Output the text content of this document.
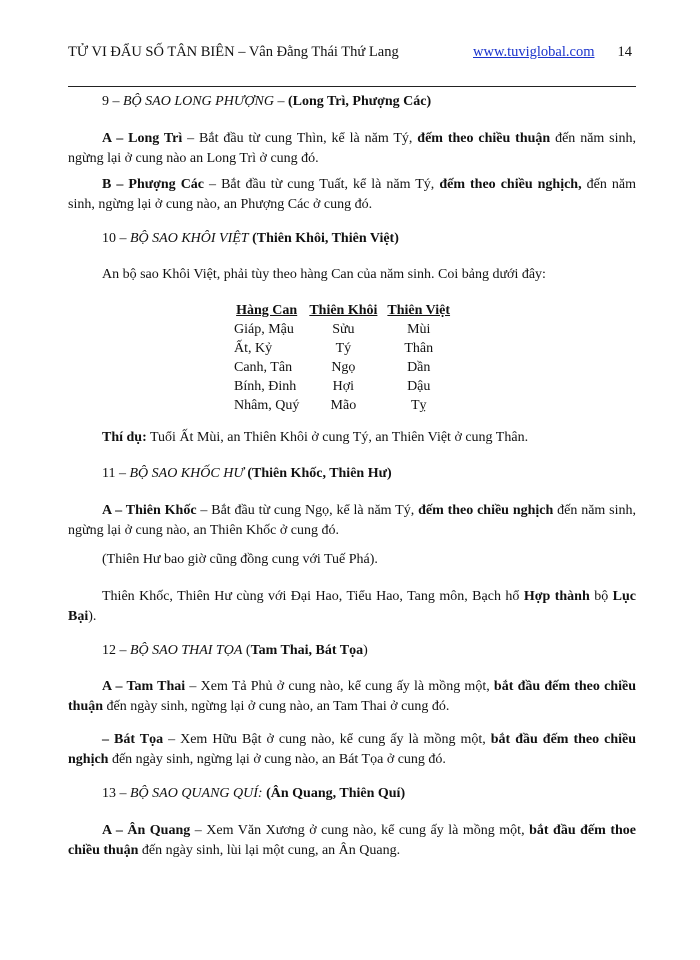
TỬ VI ĐẨU SỐ TÂN BIÊN – Vân Đằng Thái Thứ Lang	www.tuviglobal.com 14

9 – BỘ SAO LONG PHƯỢNG – (Long Trì, Phượng Các)

A – Long Trì – Bắt đầu từ cung Thìn, kể là năm Tý, đếm theo chiều thuận đến năm sinh, ngừng lại ở cung nào an Long Trì ở cung đó.

B – Phượng Các – Bắt đầu từ cung Tuất, kể là năm Tý, đếm theo chiều nghịch, đến năm sinh, ngừng lại ở cung nào, an Phượng Các ở cung đó.

10 – BỘ SAO KHÔI VIỆT (Thiên Khôi, Thiên Việt)

An bộ sao Khôi Việt, phải tùy theo hàng Can của năm sinh. Coi bảng dưới đây:

Hàng Can	Thiên Khôi	Thiên Việt
Giáp, Mậu	Sửu	Mùi
Ất, Kỷ	Tý	Thân
Canh, Tân	Ngọ	Dần
Bính, Đinh	Hợi	Dậu
Nhâm, Quý	Mão	Tỵ

Thí dụ: Tuổi Ất Mùi, an Thiên Khôi ở cung Tý, an Thiên Việt ở cung Thân.

11 – BỘ SAO KHỐC HƯ (Thiên Khốc, Thiên Hư)

A – Thiên Khốc – Bắt đầu từ cung Ngọ, kể là năm Tý, đếm theo chiều nghịch đến năm sinh, ngừng lại ở cung nào, an Thiên Khốc ở cung đó.

(Thiên Hư bao giờ cũng đồng cung với Tuế Phá).

Thiên Khốc, Thiên Hư cùng với Đại Hao, Tiểu Hao, Tang môn, Bạch hổ Hợp thành bộ Lục Bại).

12 – BỘ SAO THAI TỌA (Tam Thai, Bát Tọa)

A – Tam Thai – Xem Tả Phủ ở cung nào, kể cung ấy là mồng một, bắt đầu đếm theo chiều thuận đến ngày sinh, ngừng lại ở cung nào, an Tam Thai ở cung đó.

– Bát Tọa – Xem Hữu Bật ở cung nào, kể cung ấy là mồng một, bắt đầu đếm theo chiều nghịch đến ngày sinh, ngừng lại ở cung nào, an Bát Tọa ở cung đó.

13 – BỘ SAO QUANG QUÍ: (Ân Quang, Thiên Quí)

A – Ân Quang – Xem Văn Xương ở cung nào, kể cung ấy là mồng một, bắt đầu đếm thoe chiều thuận đến ngày sinh, lùi lại một cung, an Ân Quang.
